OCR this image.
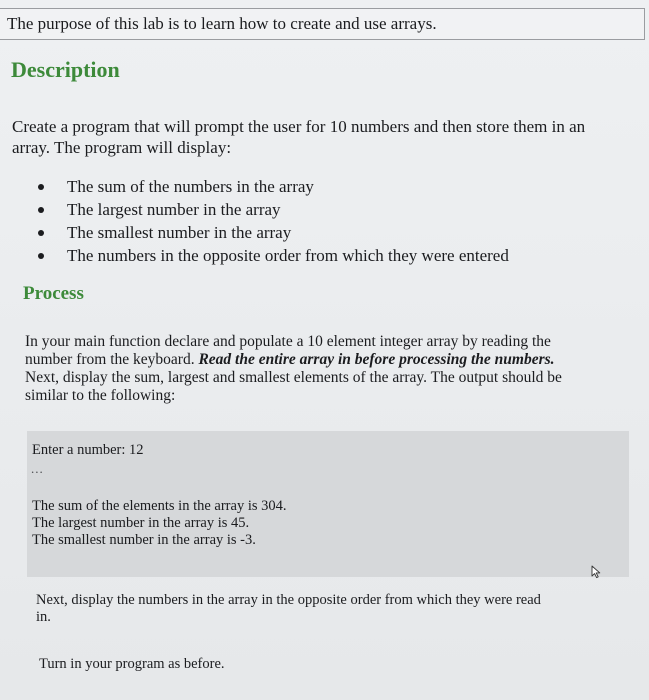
The purpose of this lab is to learn how to create and use arrays.
Description

Create a program that will prompt the user for 10 numbers and then store them in an
array. The program will display:

The sum of the numbers in the array
The largest number in the array
The smallest number in the array
The numbers in the opposite order from which they were entered
Process

In your main function declare and populate a 10 element integer array by reading the
number from the keyboard. Read the entire array in before processing the numbers.
Next, display the sum, largest and smallest elements of the array. The output should be
similar to the following:

Enter a number: 12
...
The sum of the elements in the array is 304.
The largest number in the array is 45.
The smallest number in the array is -3.

Next, display the numbers in the array in the opposite order from which they were read
in.

Turn in your program as before.
